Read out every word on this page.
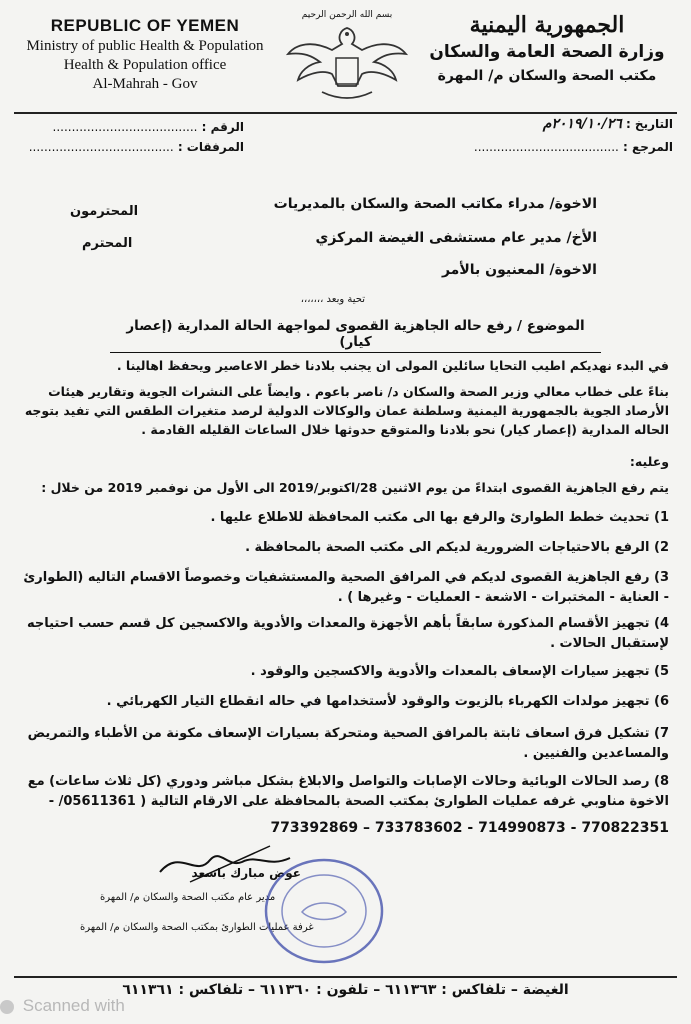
REPUBLIC OF YEMEN
Ministry of public Health & Population
Health & Population office
Al-Mahrah - Gov
بسم الله الرحمن الرحيم	الجمهورية اليمنية
وزارة الصحة العامة والسكان
مكتب الصحة والسكان م/ المهرة
الرقم : ......................................
المرفقات : ......................................
التاريخ : ٢٠١٩/١٠/٢٦م
المرجع : ......................................
الاخوة/ مدراء مكاتب الصحة والسكان بالمديريات
المحترمون
الأخ/ مدير عام مستشفى الغيضة المركزي
المحترم
الاخوة/ المعنيون بالأمر
تحية وبعد ،،،،،،،
الموضوع / رفع حاله الجاهزية القصوى لمواجهة الحالة المدارية (إعصار كيار)
في البدء نهديكم اطيب التحايا سائلين المولى ان يجنب بلادنا خطر الاعاصير ويحفظ اهالينا .
بناءً على خطاب معالي وزير الصحة والسكان د/ ناصر باعوم . وايضاً على النشرات الجوية وتقارير هيئات الأرصاد الجوية بالجمهورية اليمنية وسلطنة عمان والوكالات الدولية لرصد متغيرات الطقس التي تفيد بتوجه الحاله المدارية (إعصار كيار) نحو بلادنا والمتوقع حدوثها خلال الساعات القليله القادمة .
وعليه:
يتم رفع الجاهزية القصوى ابتداءً من يوم الاثنين 28/اكتوبر/2019 الى الأول من نوفمبر 2019 من خلال :
1) تحديث خطط الطوارئ والرفع بها الى مكتب المحافظة للاطلاع عليها .
2) الرفع بالاحتياجات الضرورية لديكم الى مكتب الصحة بالمحافظة .
3) رفع الجاهزية القصوى لديكم في المرافق الصحية والمستشفيات وخصوصاً الاقسام التاليه (الطوارئ - العناية - المختبرات - الاشعة - العمليات - وغيرها ) .
4) تجهيز الأقسام المذكورة سابقاً بأهم الأجهزة والمعدات والأدوية والاكسجين كل قسم حسب احتياجه لإستقبال الحالات .
5) تجهيز سيارات الإسعاف بالمعدات والأدوية والاكسجين والوقود .
6) تجهيز مولدات الكهرباء بالزيوت والوقود لأستخدامها في حاله انقطاع التيار الكهربائي .
7) تشكيل فرق اسعاف ثابتة بالمرافق الصحية ومتحركة بسيارات الإسعاف مكونة من الأطباء والتمريض والمساعدين والفنيين .
8) رصد الحالات الوبائية وحالات الإصابات والتواصل والابلاغ بشكل مباشر ودوري (كل ثلاث ساعات) مع الاخوة مناوبي غرفه عمليات الطوارئ بمكتب الصحة بالمحافظة على الارقام التالية ( 05611361/ -
773392869 – 733783602 - 714990873 - 770822351
عوض مبارك باسعد
مدير عام مكتب الصحة والسكان م/ المهرة
غرفة عمليات الطوارئ بمكتب الصحة والسكان م/ المهرة
الغيضة – تلفاكس : ٦١١٣٦٣ – تلفون : ٦١١٣٦٠ – تلفاكس : ٦١١٣٦١
Scanned with
